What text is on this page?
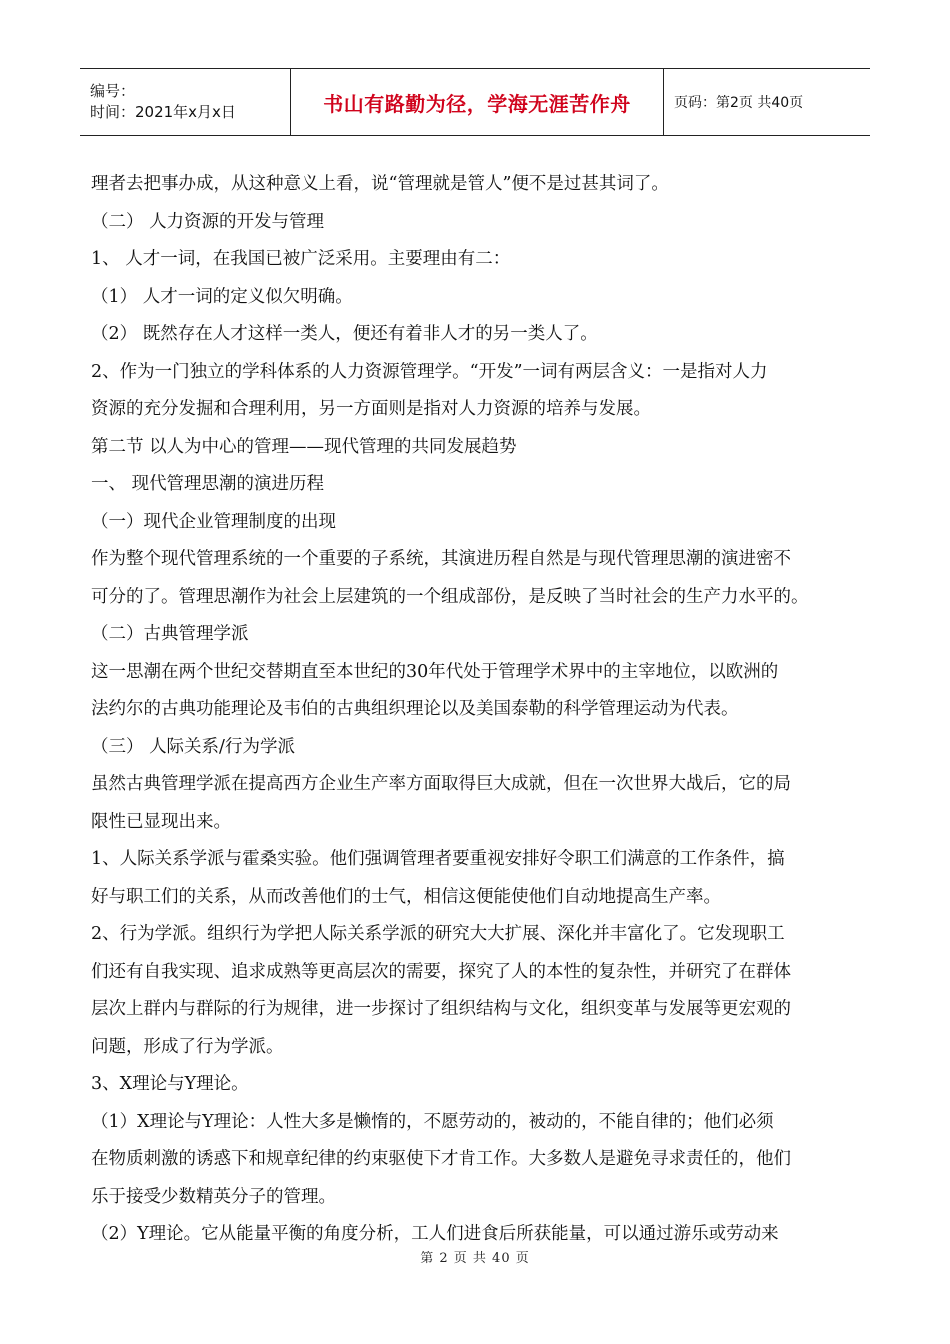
编号：
时间：2021年x月x日	书山有路勤为径，学海无涯苦作舟	页码：第2页 共40页

理者去把事办成，从这种意义上看，说“管理就是管人”便不是过甚其词了。

（二） 人力资源的开发与管理

1、 人才一词，在我国已被广泛采用。主要理由有二：

（1） 人才一词的定义似欠明确。

（2） 既然存在人才这样一类人，便还有着非人才的另一类人了。

2、作为一门独立的学科体系的人力资源管理学。“开发”一词有两层含义：一是指对人力

资源的充分发掘和合理利用，另一方面则是指对人力资源的培养与发展。

第二节 以人为中心的管理——现代管理的共同发展趋势

一、 现代管理思潮的演进历程

（一）现代企业管理制度的出现

作为整个现代管理系统的一个重要的子系统，其演进历程自然是与现代管理思潮的演进密不

可分的了。管理思潮作为社会上层建筑的一个组成部份，是反映了当时社会的生产力水平的。

（二）古典管理学派

这一思潮在两个世纪交替期直至本世纪的30年代处于管理学术界中的主宰地位，以欧洲的

法约尔的古典功能理论及韦伯的古典组织理论以及美国泰勒的科学管理运动为代表。

（三） 人际关系/行为学派

虽然古典管理学派在提高西方企业生产率方面取得巨大成就，但在一次世界大战后，它的局

限性已显现出来。

1、人际关系学派与霍桑实验。他们强调管理者要重视安排好令职工们满意的工作条件，搞

好与职工们的关系，从而改善他们的士气，相信这便能使他们自动地提高生产率。

2、行为学派。组织行为学把人际关系学派的研究大大扩展、深化并丰富化了。它发现职工

们还有自我实现、追求成熟等更高层次的需要，探究了人的本性的复杂性，并研究了在群体

层次上群内与群际的行为规律，进一步探讨了组织结构与文化，组织变革与发展等更宏观的

问题，形成了行为学派。

3、X理论与Y理论。

（1）X理论与Y理论：人性大多是懒惰的，不愿劳动的，被动的，不能自律的；他们必须

在物质刺激的诱惑下和规章纪律的约束驱使下才肯工作。大多数人是避免寻求责任的，他们

乐于接受少数精英分子的管理。

（2）Y理论。它从能量平衡的角度分析，工人们进食后所获能量，可以通过游乐或劳动来

第 2 页 共 40 页
